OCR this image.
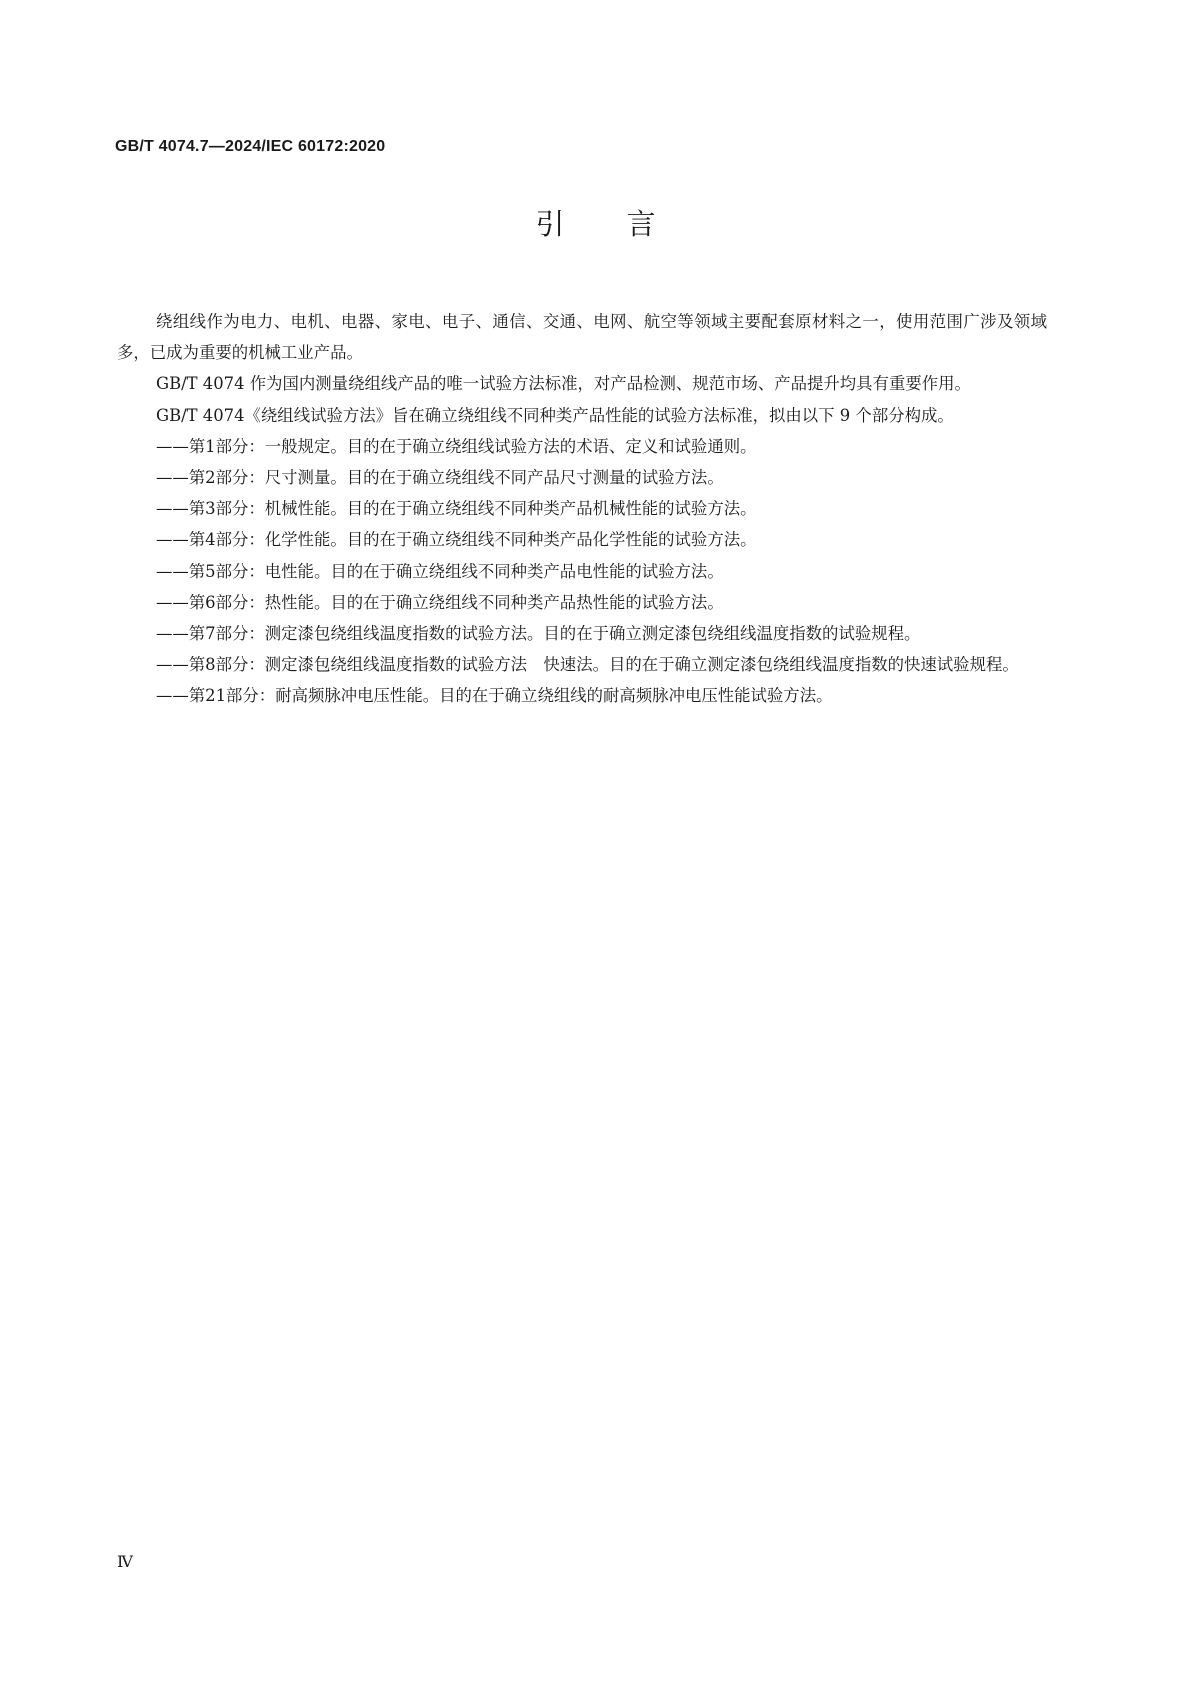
GB/T 4074.7—2024/IEC 60172:2020
引言

绕组线作为电力、电机、电器、家电、电子、通信、交通、电网、航空等领域主要配套原材料之一，使用范围广涉及领域多，已成为重要的机械工业产品。

GB/T 4074 作为国内测量绕组线产品的唯一试验方法标准，对产品检测、规范市场、产品提升均具有重要作用。

GB/T 4074《绕组线试验方法》旨在确立绕组线不同种类产品性能的试验方法标准，拟由以下 9 个部分构成。

——第1部分：一般规定。目的在于确立绕组线试验方法的术语、定义和试验通则。

——第2部分：尺寸测量。目的在于确立绕组线不同产品尺寸测量的试验方法。

——第3部分：机械性能。目的在于确立绕组线不同种类产品机械性能的试验方法。

——第4部分：化学性能。目的在于确立绕组线不同种类产品化学性能的试验方法。

——第5部分：电性能。目的在于确立绕组线不同种类产品电性能的试验方法。

——第6部分：热性能。目的在于确立绕组线不同种类产品热性能的试验方法。

——第7部分：测定漆包绕组线温度指数的试验方法。目的在于确立测定漆包绕组线温度指数的试验规程。

——第8部分：测定漆包绕组线温度指数的试验方法　快速法。目的在于确立测定漆包绕组线温度指数的快速试验规程。

——第21部分：耐高频脉冲电压性能。目的在于确立绕组线的耐高频脉冲电压性能试验方法。

Ⅳ
